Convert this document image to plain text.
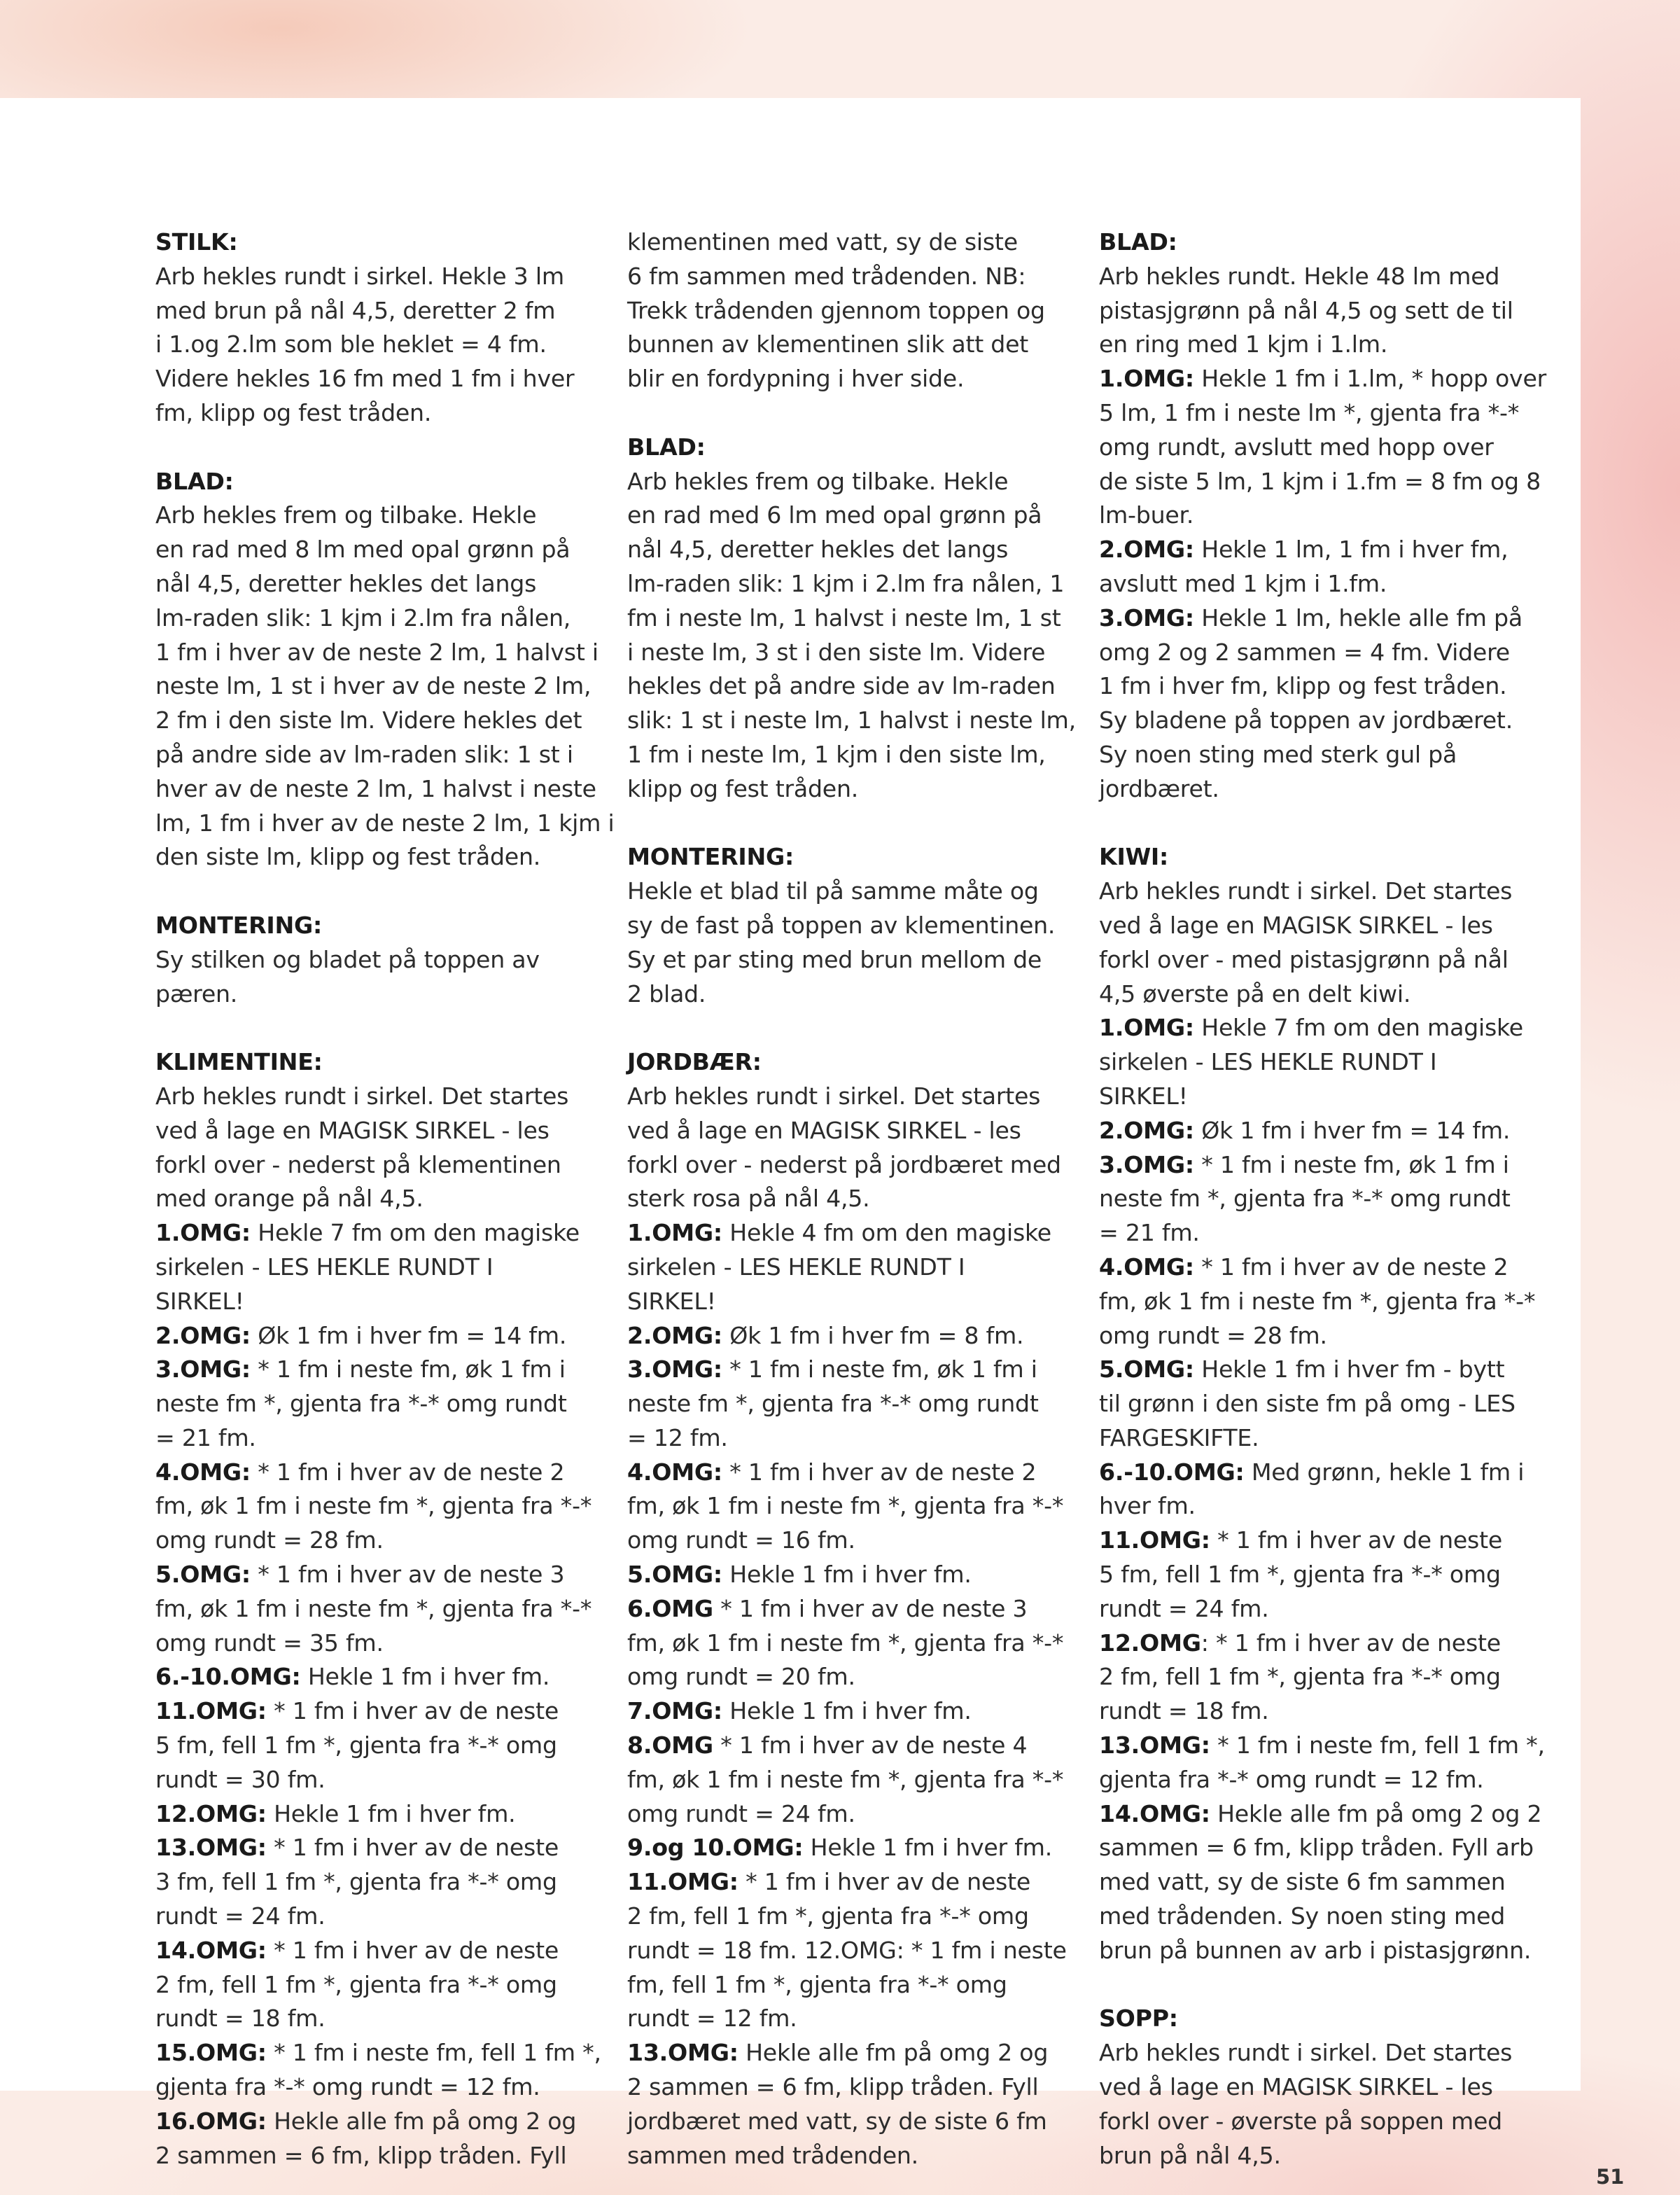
STILK:
Arb hekles rundt i sirkel. Hekle 3 lm
med brun på nål 4,5, deretter 2 fm
i 1.og 2.lm som ble heklet = 4 fm.
Videre hekles 16 fm med 1 fm i hver
fm, klipp og fest tråden.
BLAD:
Arb hekles frem og tilbake. Hekle
en rad med 8 lm med opal grønn på
nål 4,5, deretter hekles det langs
lm-raden slik: 1 kjm i 2.lm fra nålen,
1 fm i hver av de neste 2 lm, 1 halvst i
neste lm, 1 st i hver av de neste 2 lm,
2 fm i den siste lm. Videre hekles det
på andre side av lm-raden slik: 1 st i
hver av de neste 2 lm, 1 halvst i neste
lm, 1 fm i hver av de neste 2 lm, 1 kjm i
den siste lm, klipp og fest tråden.
MONTERING:
Sy stilken og bladet på toppen av
pæren.
KLIMENTINE:
Arb hekles rundt i sirkel. Det startes
ved å lage en MAGISK SIRKEL - les
forkl over - nederst på klementinen
med orange på nål 4,5.
1.OMG: Hekle 7 fm om den magiske
sirkelen - LES HEKLE RUNDT I
SIRKEL!
2.OMG: Øk 1 fm i hver fm = 14 fm.
3.OMG: * 1 fm i neste fm, øk 1 fm i
neste fm *, gjenta fra *-* omg rundt
= 21 fm.
4.OMG: * 1 fm i hver av de neste 2
fm, øk 1 fm i neste fm *, gjenta fra *-*
omg rundt = 28 fm.
5.OMG: * 1 fm i hver av de neste 3
fm, øk 1 fm i neste fm *, gjenta fra *-*
omg rundt = 35 fm.
6.-10.OMG: Hekle 1 fm i hver fm.
11.OMG: * 1 fm i hver av de neste
5 fm, fell 1 fm *, gjenta fra *-* omg
rundt = 30 fm.
12.OMG: Hekle 1 fm i hver fm.
13.OMG: * 1 fm i hver av de neste
3 fm, fell 1 fm *, gjenta fra *-* omg
rundt = 24 fm.
14.OMG: * 1 fm i hver av de neste
2 fm, fell 1 fm *, gjenta fra *-* omg
rundt = 18 fm.
15.OMG: * 1 fm i neste fm, fell 1 fm *,
gjenta fra *-* omg rundt = 12 fm.
16.OMG: Hekle alle fm på omg 2 og
2 sammen = 6 fm, klipp tråden. Fyll
klementinen med vatt, sy de siste
6 fm sammen med trådenden. NB:
Trekk trådenden gjennom toppen og
bunnen av klementinen slik att det
blir en fordypning i hver side.
BLAD:
Arb hekles frem og tilbake. Hekle
en rad med 6 lm med opal grønn på
nål 4,5, deretter hekles det langs
lm-raden slik: 1 kjm i 2.lm fra nålen, 1
fm i neste lm, 1 halvst i neste lm, 1 st
i neste lm, 3 st i den siste lm. Videre
hekles det på andre side av lm-raden
slik: 1 st i neste lm, 1 halvst i neste lm,
1 fm i neste lm, 1 kjm i den siste lm,
klipp og fest tråden.
MONTERING:
Hekle et blad til på samme måte og
sy de fast på toppen av klementinen.
Sy et par sting med brun mellom de
2 blad.
JORDBÆR:
Arb hekles rundt i sirkel. Det startes
ved å lage en MAGISK SIRKEL - les
forkl over - nederst på jordbæret med
sterk rosa på nål 4,5.
1.OMG: Hekle 4 fm om den magiske
sirkelen - LES HEKLE RUNDT I
SIRKEL!
2.OMG: Øk 1 fm i hver fm = 8 fm.
3.OMG: * 1 fm i neste fm, øk 1 fm i
neste fm *, gjenta fra *-* omg rundt
= 12 fm.
4.OMG: * 1 fm i hver av de neste 2
fm, øk 1 fm i neste fm *, gjenta fra *-*
omg rundt = 16 fm.
5.OMG: Hekle 1 fm i hver fm.
6.OMG * 1 fm i hver av de neste 3
fm, øk 1 fm i neste fm *, gjenta fra *-*
omg rundt = 20 fm.
7.OMG: Hekle 1 fm i hver fm.
8.OMG * 1 fm i hver av de neste 4
fm, øk 1 fm i neste fm *, gjenta fra *-*
omg rundt = 24 fm.
9.og 10.OMG: Hekle 1 fm i hver fm.
11.OMG: * 1 fm i hver av de neste
2 fm, fell 1 fm *, gjenta fra *-* omg
rundt = 18 fm. 12.OMG: * 1 fm i neste
fm, fell 1 fm *, gjenta fra *-* omg
rundt = 12 fm.
13.OMG: Hekle alle fm på omg 2 og
2 sammen = 6 fm, klipp tråden. Fyll
jordbæret med vatt, sy de siste 6 fm
sammen med trådenden.
BLAD:
Arb hekles rundt. Hekle 48 lm med
pistasjgrønn på nål 4,5 og sett de til
en ring med 1 kjm i 1.lm.
1.OMG: Hekle 1 fm i 1.lm, * hopp over
5 lm, 1 fm i neste lm *, gjenta fra *-*
omg rundt, avslutt med hopp over
de siste 5 lm, 1 kjm i 1.fm = 8 fm og 8
lm-buer.
2.OMG: Hekle 1 lm, 1 fm i hver fm,
avslutt med 1 kjm i 1.fm.
3.OMG: Hekle 1 lm, hekle alle fm på
omg 2 og 2 sammen = 4 fm. Videre
1 fm i hver fm, klipp og fest tråden.
Sy bladene på toppen av jordbæret.
Sy noen sting med sterk gul på
jordbæret.
KIWI:
Arb hekles rundt i sirkel. Det startes
ved å lage en MAGISK SIRKEL - les
forkl over - med pistasjgrønn på nål
4,5 øverste på en delt kiwi.
1.OMG: Hekle 7 fm om den magiske
sirkelen - LES HEKLE RUNDT I
SIRKEL!
2.OMG: Øk 1 fm i hver fm = 14 fm.
3.OMG: * 1 fm i neste fm, øk 1 fm i
neste fm *, gjenta fra *-* omg rundt
= 21 fm.
4.OMG: * 1 fm i hver av de neste 2
fm, øk 1 fm i neste fm *, gjenta fra *-*
omg rundt = 28 fm.
5.OMG: Hekle 1 fm i hver fm - bytt
til grønn i den siste fm på omg - LES
FARGESKIFTE.
6.-10.OMG: Med grønn, hekle 1 fm i
hver fm.
11.OMG: * 1 fm i hver av de neste
5 fm, fell 1 fm *, gjenta fra *-* omg
rundt = 24 fm.
12.OMG: * 1 fm i hver av de neste
2 fm, fell 1 fm *, gjenta fra *-* omg
rundt = 18 fm.
13.OMG: * 1 fm i neste fm, fell 1 fm *,
gjenta fra *-* omg rundt = 12 fm.
14.OMG: Hekle alle fm på omg 2 og 2
sammen = 6 fm, klipp tråden. Fyll arb
med vatt, sy de siste 6 fm sammen
med trådenden. Sy noen sting med
brun på bunnen av arb i pistasjgrønn.
SOPP:
Arb hekles rundt i sirkel. Det startes
ved å lage en MAGISK SIRKEL - les
forkl over - øverste på soppen med
brun på nål 4,5.
51
